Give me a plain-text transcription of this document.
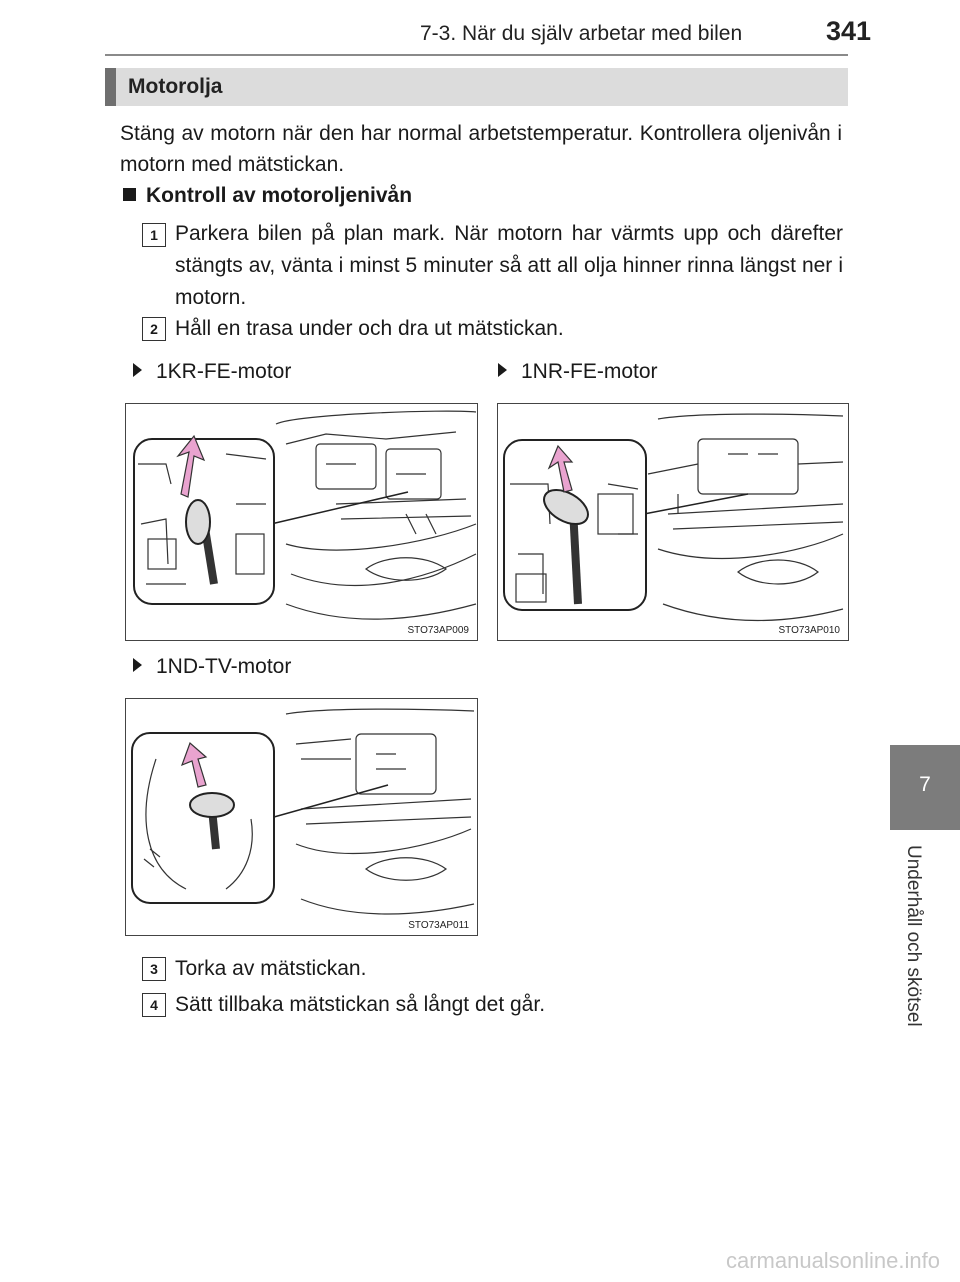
7-3. När du själv arbetar med bilen	341
Motorolja
Stäng av motorn när den har normal arbetstemperatur. Kontrollera oljenivån i motorn med mätstickan.
Kontroll av motoroljenivån
1 Parkera bilen på plan mark. När motorn har värmts upp och därefter stängts av, vänta i minst 5 minuter så att all olja hinner rinna längst ner i motorn.
2 Håll en trasa under och dra ut mätstickan.
1KR-FE-motor	1NR-FE-motor
STO73AP009	STO73AP010
1ND-TV-motor
STO73AP011
3 Torka av mätstickan.
4 Sätt tillbaka mätstickan så långt det går.
7
Underhåll och skötsel
carmanualsonline.info
